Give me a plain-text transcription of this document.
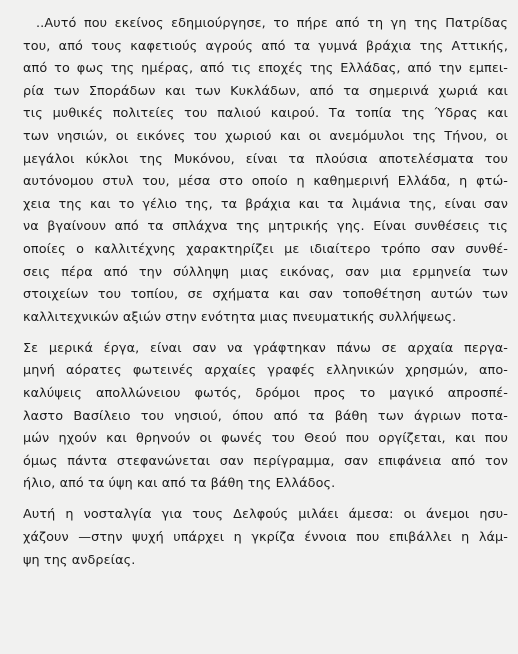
..Αυτό που εκείνος εδημιούργησε, το πήρε από τη γη της Πατρίδας
του, από τους καφετιούς αγρούς από τα γυμνά βράχια της Αττικής,
από το φως της ημέρας, από τις εποχές της Ελλάδας, από την εμπει-
ρία των Σποράδων και των Κυκλάδων, από τα σημερινά χωριά και
τις μυθικές πολιτείες του παλιού καιρού. Τα τοπία της Ύδρας και
των νησιών, οι εικόνες του χωριού και οι ανεμόμυλοι της Τήνου, οι
μεγάλοι κύκλοι της Μυκόνου, είναι τα πλούσια αποτελέσματα του
αυτόνομου στυλ του, μέσα στο οποίο η καθημερινή Ελλάδα, η φτώ-
χεια της και το γέλιο της, τα βράχια και τα λιμάνια της, είναι σαν
να βγαίνουν από τα σπλάχνα της μητρικής γης. Είναι συνθέσεις τις
οποίες ο καλλιτέχνης χαρακτηρίζει με ιδιαίτερο τρόπο σαν συνθέ-
σεις πέρα από την σύλληψη μιας εικόνας, σαν μια ερμηνεία των
στοιχείων του τοπίου, σε σχήματα και σαν τοποθέτηση αυτών των
καλλιτεχνικών αξιών στην ενότητα μιας πνευματικής συλλήψεως.
Σε μερικά έργα, είναι σαν να γράφτηκαν πάνω σε αρχαία περγα-
μηνή αόρατες φωτεινές αρχαίες γραφές ελληνικών χρησμών, απο-
καλύψεις απολλώνειου φωτός, δρόμοι προς το μαγικό απροσπέ-
λαστο Βασίλειο του νησιού, όπου από τα βάθη των άγριων ποτα-
μών ηχούν και θρηνούν οι φωνές του Θεού που οργίζεται, και που
όμως πάντα στεφανώνεται σαν περίγραμμα, σαν επιφάνεια από τον
ήλιο, από τα ύψη και από τα βάθη της Ελλάδος.
Αυτή η νοσταλγία για τους Δελφούς μιλάει άμεσα: οι άνεμοι ησυ-
χάζουν —στην ψυχή υπάρχει η γκρίζα έννοια που επιβάλλει η λάμ-
ψη της ανδρείας.
